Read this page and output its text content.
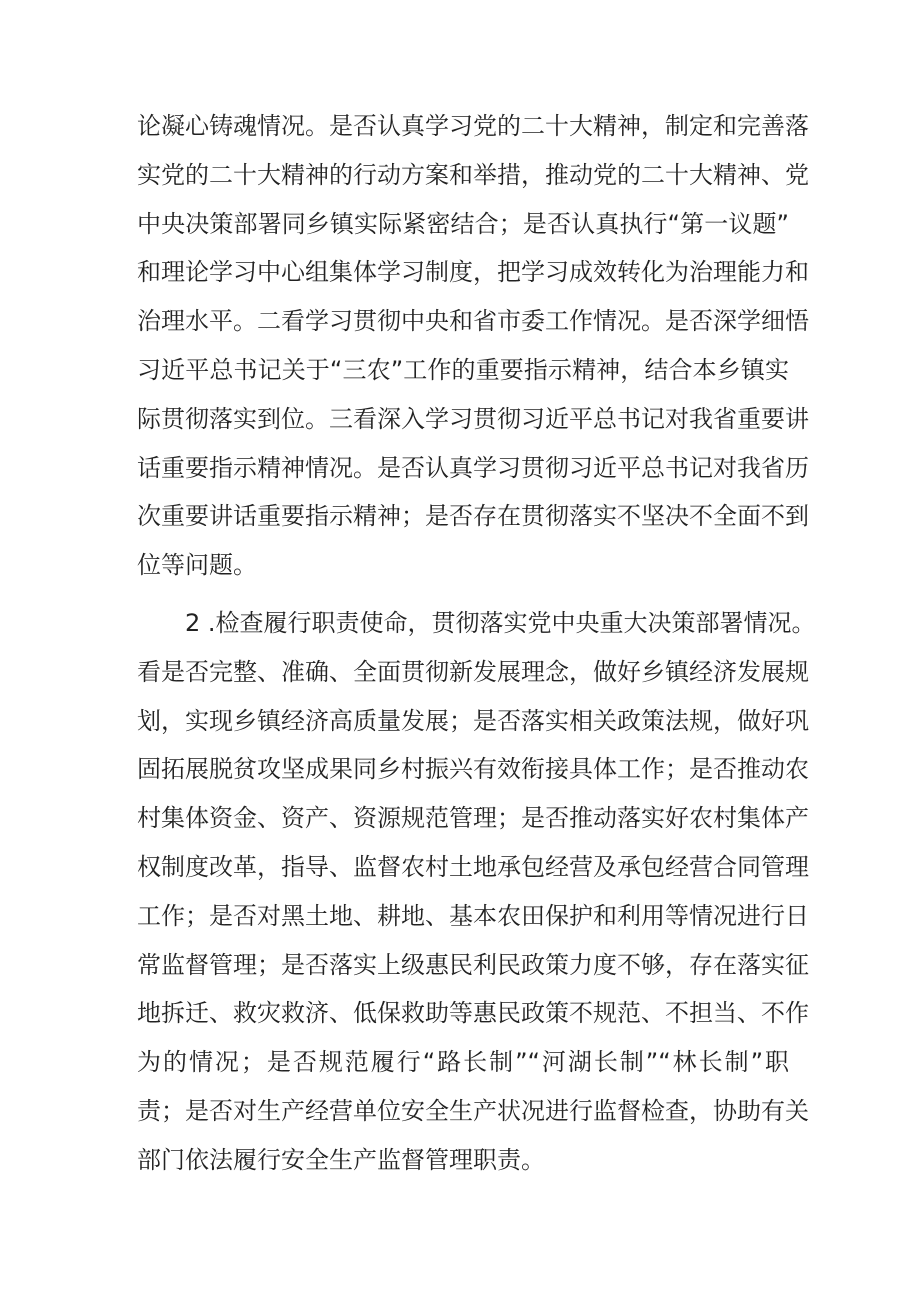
论凝心铸魂情况。是否认真学习党的二十大精神，制定和完善落
实党的二十大精神的行动方案和举措，推动党的二十大精神、党
中央决策部署同乡镇实际紧密结合；是否认真执行“第一议题”
和理论学习中心组集体学习制度，把学习成效转化为治理能力和
治理水平。二看学习贯彻中央和省市委工作情况。是否深学细悟
习近平总书记关于“三农”工作的重要指示精神，结合本乡镇实
际贯彻落实到位。三看深入学习贯彻习近平总书记对我省重要讲
话重要指示精神情况。是否认真学习贯彻习近平总书记对我省历
次重要讲话重要指示精神；是否存在贯彻落实不坚决不全面不到
位等问题。
2 .检查履行职责使命，贯彻落实党中央重大决策部署情况。
看是否完整、准确、全面贯彻新发展理念，做好乡镇经济发展规
划，实现乡镇经济高质量发展；是否落实相关政策法规，做好巩
固拓展脱贫攻坚成果同乡村振兴有效衔接具体工作；是否推动农
村集体资金、资产、资源规范管理；是否推动落实好农村集体产
权制度改革，指导、监督农村土地承包经营及承包经营合同管理
工作；是否对黑土地、耕地、基本农田保护和利用等情况进行日
常监督管理；是否落实上级惠民利民政策力度不够，存在落实征
地拆迁、救灾救济、低保救助等惠民政策不规范、不担当、不作
为的情况；是否规范履行“路长制”“河湖长制”“林长制”职
责；是否对生产经营单位安全生产状况进行监督检查，协助有关
部门依法履行安全生产监督管理职责。
